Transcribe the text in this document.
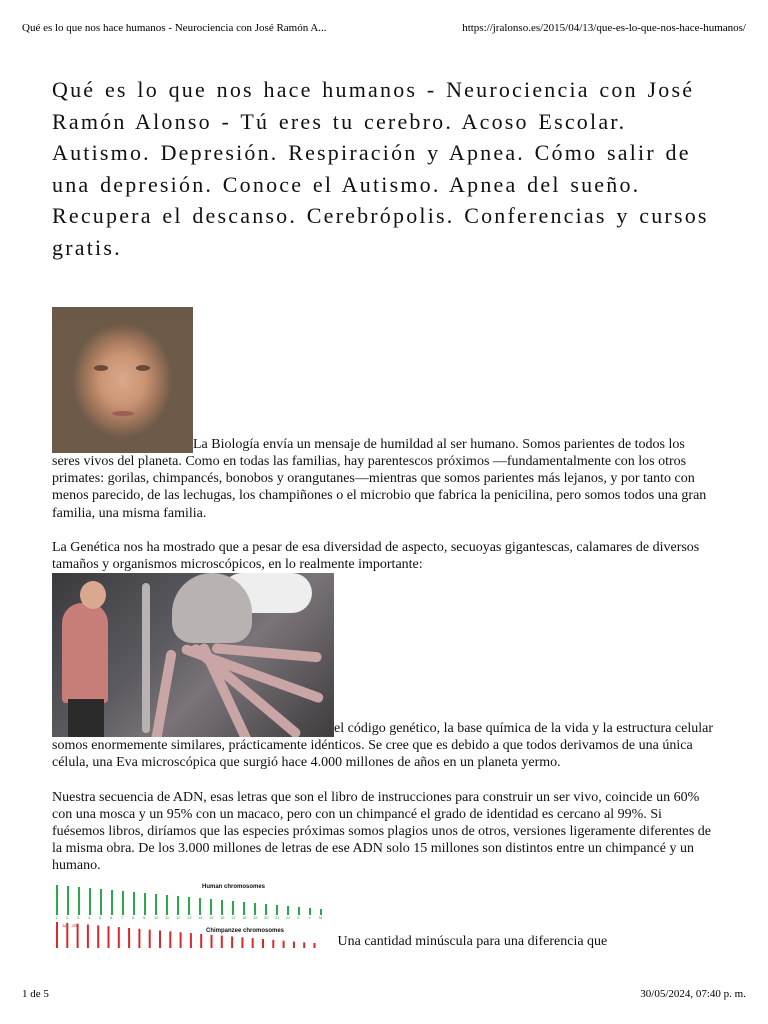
Qué es lo que nos hace humanos - Neurociencia con José Ramón A...	https://jralonso.es/2015/04/13/que-es-lo-que-nos-hace-humanos/
Qué es lo que nos hace humanos - Neurociencia con José Ramón Alonso - Tú eres tu cerebro. Acoso Escolar. Autismo. Depresión. Respiración y Apnea. Cómo salir de una depresión. Conoce el Autismo. Apnea del sueño. Recupera el descanso. Cerebrópolis. Conferencias y cursos gratis.

La Biología envía un mensaje de humildad al ser humano. Somos parientes de todos los seres vivos del planeta. Como en todas las familias, hay parentescos próximos —fundamentalmente con los otros primates: gorilas, chimpancés, bonobos y orangutanes—mientras que somos parientes más lejanos, y por tanto con menos parecido, de las lechugas, los champiñones o el microbio que fabrica la penicilina, pero somos todos una gran familia, una misma familia.

La Genética nos ha mostrado que a pesar de esa diversidad de aspecto, secuoyas gigantescas, calamares de diversos tamaños y organismos microscópicos, en lo realmente importante:

el código genético, la base química de la vida y la estructura celular somos enormemente similares, prácticamente idénticos. Se cree que es debido a que todos derivamos de una única célula, una Eva microscópica que surgió hace 4.000 millones de años en un planeta yermo.

Nuestra secuencia de ADN, esas letras que son el libro de instrucciones para construir un ser vivo, coincide un 60% con una mosca y un 95% con un macaco, pero con un chimpancé el grado de identidad es cercano al 99%. Si fuésemos libros, diríamos que las especies próximas somos plagios unos de otros, versiones ligeramente diferentes de la misma obra. De los 3.000 millones de letras de ese ADN solo 15 millones son distintos entre un chimpancé y un humano.

1 2 3 4 5 6 7 8 9 10 11 12 13 14 15 16 17 18 19 20 21 22 X Y M
2a 2B
Human chromosomes
Chimpanzee chromosomes
Una cantidad minúscula para una diferencia que

1 de 5	30/05/2024, 07:40 p. m.
